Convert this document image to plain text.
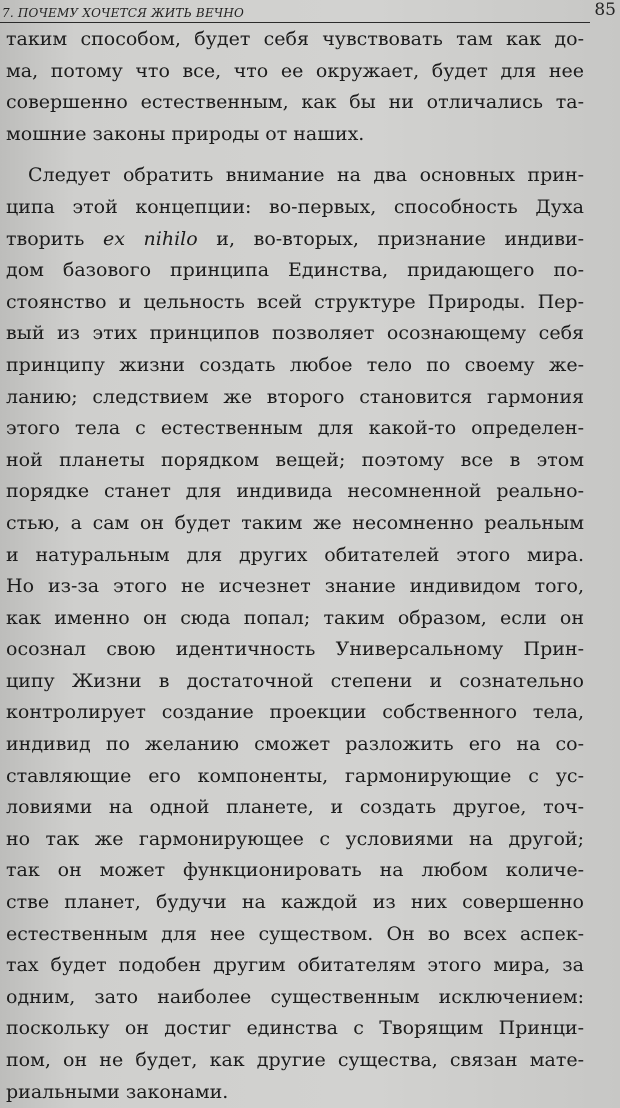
7. ПОЧЕМУ ХОЧЕТСЯ ЖИТЬ ВЕЧНО	85
таким способом, будет себя чувствовать там как до-
ма, потому что все, что ее окружает, будет для нее
совершенно естественным, как бы ни отличались та-
мошние законы природы от наших.
Следует обратить внимание на два основных прин-
ципа этой концепции: во-первых, способность Духа
творить ex nihilo и, во-вторых, признание индиви-
дом базового принципа Единства, придающего по-
стоянство и цельность всей структуре Природы. Пер-
вый из этих принципов позволяет осознающему себя
принципу жизни создать любое тело по своему же-
ланию; следствием же второго становится гармония
этого тела с естественным для какой-то определен-
ной планеты порядком вещей; поэтому все в этом
порядке станет для индивида несомненной реально-
стью, а сам он будет таким же несомненно реальным
и натуральным для других обитателей этого мира.
Но из-за этого не исчезнет знание индивидом того,
как именно он сюда попал; таким образом, если он
осознал свою идентичность Универсальному Прин-
ципу Жизни в достаточной степени и сознательно
контролирует создание проекции собственного тела,
индивид по желанию сможет разложить его на со-
ставляющие его компоненты, гармонирующие с ус-
ловиями на одной планете, и создать другое, точ-
но так же гармонирующее с условиями на другой;
так он может функционировать на любом количе-
стве планет, будучи на каждой из них совершенно
естественным для нее существом. Он во всех аспек-
тах будет подобен другим обитателям этого мира, за
одним, зато наиболее существенным исключением:
поскольку он достиг единства с Творящим Принци-
пом, он не будет, как другие существа, связан мате-
риальными законами.
